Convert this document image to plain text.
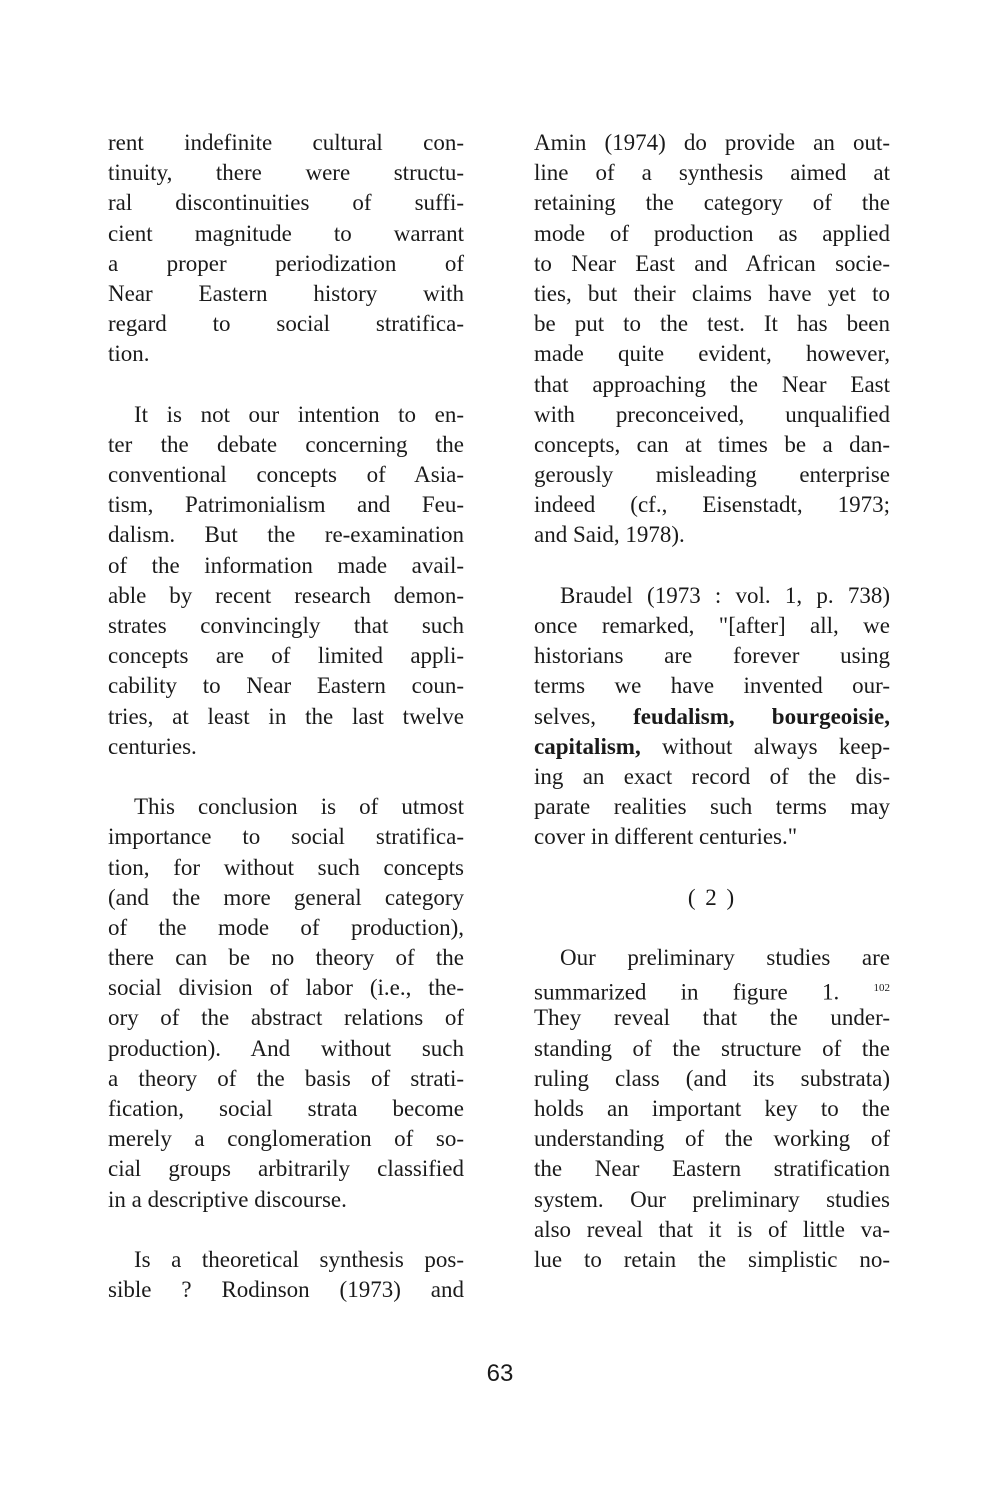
rent indefinite cultural con-
tinuity, there were structu-
ral discontinuities of suffi-
cient magnitude to warrant
a proper periodization of
Near Eastern history with
regard to social stratifica-
tion.
It is not our intention to en-
ter the debate concerning the
conventional concepts of Asia-
tism, Patrimonialism and Feu-
dalism. But the re-examination
of the information made avail-
able by recent research demon-
strates convincingly that such
concepts are of limited appli-
cability to Near Eastern coun-
tries, at least in the last twelve
centuries.
This conclusion is of utmost
importance to social stratifica-
tion, for without such concepts
(and the more general category
of the mode of production),
there can be no theory of the
social division of labor (i.e., the-
ory of the abstract relations of
production). And without such
a theory of the basis of strati-
fication, social strata become
merely a conglomeration of so-
cial groups arbitrarily classified
in a descriptive discourse.
Is a theoretical synthesis pos-
sible ? Rodinson (1973) and
Amin (1974) do provide an out-
line of a synthesis aimed at
retaining the category of the
mode of production as applied
to Near East and African socie-
ties, but their claims have yet to
be put to the test. It has been
made quite evident, however,
that approaching the Near East
with preconceived, unqualified
concepts, can at times be a dan-
gerously misleading enterprise
indeed (cf., Eisenstadt, 1973;
and Said, 1978).
Braudel (1973 : vol. 1, p. 738)
once remarked, "[after] all, we
historians are forever using
terms we have invented our-
selves, feudalism, bourgeoisie,
capitalism, without always keep-
ing an exact record of the dis-
parate realities such terms may
cover in different centuries."
( 2 )
Our preliminary studies are
summarized in figure 1. $^{102}$
They reveal that the under-
standing of the structure of the
ruling class (and its substrata)
holds an important key to the
understanding of the working of
the Near Eastern stratification
system. Our preliminary studies
also reveal that it is of little va-
lue to retain the simplistic no-
63
